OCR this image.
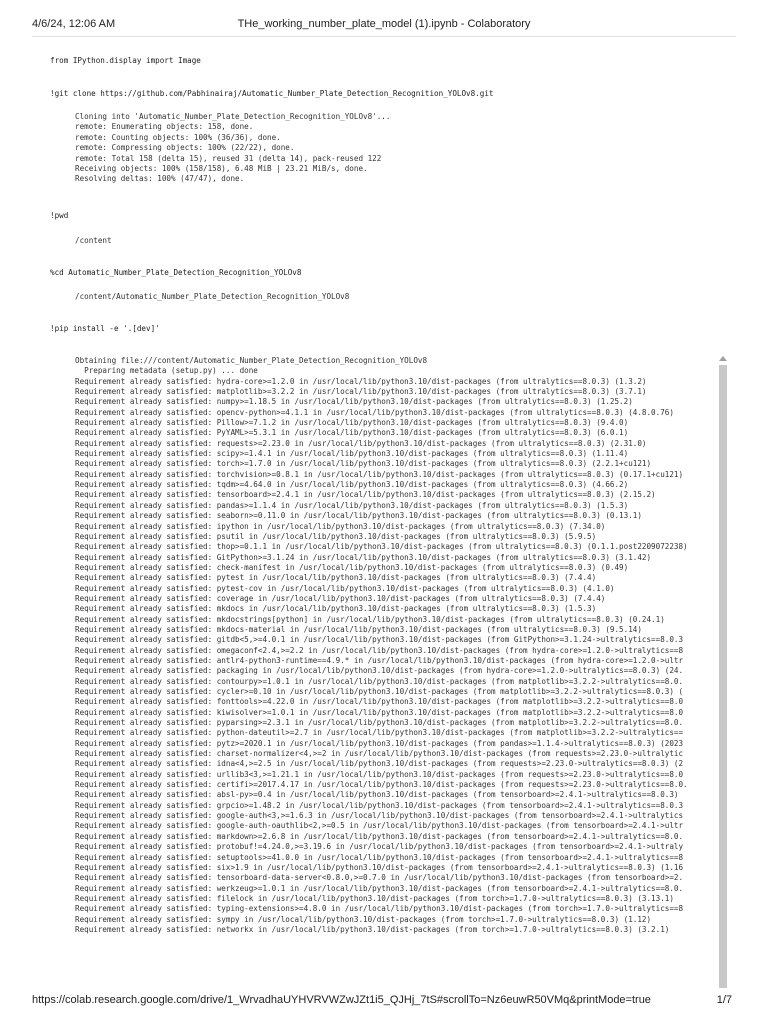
4/6/24, 12:06 AM	THe_working_number_plate_model (1).ipynb - Colaboratory
from IPython.display import Image
!git clone https://github.com/Pabhinairaj/Automatic_Number_Plate_Detection_Recognition_YOLOv8.git
Cloning into 'Automatic_Number_Plate_Detection_Recognition_YOLOv8'...
remote: Enumerating objects: 158, done.
remote: Counting objects: 100% (36/36), done.
remote: Compressing objects: 100% (22/22), done.
remote: Total 158 (delta 15), reused 31 (delta 14), pack-reused 122
Receiving objects: 100% (158/158), 6.48 MiB | 23.21 MiB/s, done.
Resolving deltas: 100% (47/47), done.
!pwd
/content
%cd Automatic_Number_Plate_Detection_Recognition_YOLOv8
/content/Automatic_Number_Plate_Detection_Recognition_YOLOv8
!pip install -e '.[dev]'
Obtaining file:///content/Automatic_Number_Plate_Detection_Recognition_YOLOv8
Preparing metadata (setup.py) ... done
Requirement already satisfied: hydra-core>=1.2.0 in /usr/local/lib/python3.10/dist-packages (from ultralytics==8.0.3) (1.3.2)
Requirement already satisfied: matplotlib>=3.2.2 in /usr/local/lib/python3.10/dist-packages (from ultralytics==8.0.3) (3.7.1)
Requirement already satisfied: numpy>=1.18.5 in /usr/local/lib/python3.10/dist-packages (from ultralytics==8.0.3) (1.25.2)
Requirement already satisfied: opencv-python>=4.1.1 in /usr/local/lib/python3.10/dist-packages (from ultralytics==8.0.3) (4.8.0.76)
Requirement already satisfied: Pillow>=7.1.2 in /usr/local/lib/python3.10/dist-packages (from ultralytics==8.0.3) (9.4.0)
Requirement already satisfied: PyYAML>=5.3.1 in /usr/local/lib/python3.10/dist-packages (from ultralytics==8.0.3) (6.0.1)
Requirement already satisfied: requests>=2.23.0 in /usr/local/lib/python3.10/dist-packages (from ultralytics==8.0.3) (2.31.0)
Requirement already satisfied: scipy>=1.4.1 in /usr/local/lib/python3.10/dist-packages (from ultralytics==8.0.3) (1.11.4)
Requirement already satisfied: torch>=1.7.0 in /usr/local/lib/python3.10/dist-packages (from ultralytics==8.0.3) (2.2.1+cu121)
Requirement already satisfied: torchvision>=0.8.1 in /usr/local/lib/python3.10/dist-packages (from ultralytics==8.0.3) (0.17.1+cu121)
Requirement already satisfied: tqdm>=4.64.0 in /usr/local/lib/python3.10/dist-packages (from ultralytics==8.0.3) (4.66.2)
Requirement already satisfied: tensorboard>=2.4.1 in /usr/local/lib/python3.10/dist-packages (from ultralytics==8.0.3) (2.15.2)
Requirement already satisfied: pandas>=1.1.4 in /usr/local/lib/python3.10/dist-packages (from ultralytics==8.0.3) (1.5.3)
Requirement already satisfied: seaborn>=0.11.0 in /usr/local/lib/python3.10/dist-packages (from ultralytics==8.0.3) (0.13.1)
Requirement already satisfied: ipython in /usr/local/lib/python3.10/dist-packages (from ultralytics==8.0.3) (7.34.0)
Requirement already satisfied: psutil in /usr/local/lib/python3.10/dist-packages (from ultralytics==8.0.3) (5.9.5)
Requirement already satisfied: thop>=0.1.1 in /usr/local/lib/python3.10/dist-packages (from ultralytics==8.0.3) (0.1.1.post2209072238)
Requirement already satisfied: GitPython>=3.1.24 in /usr/local/lib/python3.10/dist-packages (from ultralytics==8.0.3) (3.1.42)
Requirement already satisfied: check-manifest in /usr/local/lib/python3.10/dist-packages (from ultralytics==8.0.3) (0.49)
Requirement already satisfied: pytest in /usr/local/lib/python3.10/dist-packages (from ultralytics==8.0.3) (7.4.4)
Requirement already satisfied: pytest-cov in /usr/local/lib/python3.10/dist-packages (from ultralytics==8.0.3) (4.1.0)
Requirement already satisfied: coverage in /usr/local/lib/python3.10/dist-packages (from ultralytics==8.0.3) (7.4.4)
Requirement already satisfied: mkdocs in /usr/local/lib/python3.10/dist-packages (from ultralytics==8.0.3) (1.5.3)
Requirement already satisfied: mkdocstrings[python] in /usr/local/lib/python3.10/dist-packages (from ultralytics==8.0.3) (0.24.1)
Requirement already satisfied: mkdocs-material in /usr/local/lib/python3.10/dist-packages (from ultralytics==8.0.3) (9.5.14)
Requirement already satisfied: gitdb<5,>=4.0.1 in /usr/local/lib/python3.10/dist-packages (from GitPython>=3.1.24->ultralytics==8.0.3
Requirement already satisfied: omegaconf<2.4,>=2.2 in /usr/local/lib/python3.10/dist-packages (from hydra-core>=1.2.0->ultralytics==8
Requirement already satisfied: antlr4-python3-runtime==4.9.* in /usr/local/lib/python3.10/dist-packages (from hydra-core>=1.2.0->ultr
Requirement already satisfied: packaging in /usr/local/lib/python3.10/dist-packages (from hydra-core>=1.2.0->ultralytics==8.0.3) (24.
Requirement already satisfied: contourpy>=1.0.1 in /usr/local/lib/python3.10/dist-packages (from matplotlib>=3.2.2->ultralytics==8.0.
Requirement already satisfied: cycler>=0.10 in /usr/local/lib/python3.10/dist-packages (from matplotlib>=3.2.2->ultralytics==8.0.3) (
Requirement already satisfied: fonttools>=4.22.0 in /usr/local/lib/python3.10/dist-packages (from matplotlib>=3.2.2->ultralytics==8.0
Requirement already satisfied: kiwisolver>=1.0.1 in /usr/local/lib/python3.10/dist-packages (from matplotlib>=3.2.2->ultralytics==8.0
Requirement already satisfied: pyparsing>=2.3.1 in /usr/local/lib/python3.10/dist-packages (from matplotlib>=3.2.2->ultralytics==8.0.
Requirement already satisfied: python-dateutil>=2.7 in /usr/local/lib/python3.10/dist-packages (from matplotlib>=3.2.2->ultralytics==
Requirement already satisfied: pytz>=2020.1 in /usr/local/lib/python3.10/dist-packages (from pandas>=1.1.4->ultralytics==8.0.3) (2023
Requirement already satisfied: charset-normalizer<4,>=2 in /usr/local/lib/python3.10/dist-packages (from requests>=2.23.0->ultralytic
Requirement already satisfied: idna<4,>=2.5 in /usr/local/lib/python3.10/dist-packages (from requests>=2.23.0->ultralytics==8.0.3) (2
Requirement already satisfied: urllib3<3,>=1.21.1 in /usr/local/lib/python3.10/dist-packages (from requests>=2.23.0->ultralytics==8.0
Requirement already satisfied: certifi>=2017.4.17 in /usr/local/lib/python3.10/dist-packages (from requests>=2.23.0->ultralytics==8.0.
Requirement already satisfied: absl-py>=0.4 in /usr/local/lib/python3.10/dist-packages (from tensorboard>=2.4.1->ultralytics==8.0.3)
Requirement already satisfied: grpcio>=1.48.2 in /usr/local/lib/python3.10/dist-packages (from tensorboard>=2.4.1->ultralytics==8.0.3
Requirement already satisfied: google-auth<3,>=1.6.3 in /usr/local/lib/python3.10/dist-packages (from tensorboard>=2.4.1->ultralytics
Requirement already satisfied: google-auth-oauthlib<2,>=0.5 in /usr/local/lib/python3.10/dist-packages (from tensorboard>=2.4.1->ultr
Requirement already satisfied: markdown>=2.6.8 in /usr/local/lib/python3.10/dist-packages (from tensorboard>=2.4.1->ultralytics==8.0.
Requirement already satisfied: protobuf!=4.24.0,>=3.19.6 in /usr/local/lib/python3.10/dist-packages (from tensorboard>=2.4.1->ultraly
Requirement already satisfied: setuptools>=41.0.0 in /usr/local/lib/python3.10/dist-packages (from tensorboard>=2.4.1->ultralytics==8
Requirement already satisfied: six>1.9 in /usr/local/lib/python3.10/dist-packages (from tensorboard>=2.4.1->ultralytics==8.0.3) (1.16
Requirement already satisfied: tensorboard-data-server<0.8.0,>=0.7.0 in /usr/local/lib/python3.10/dist-packages (from tensorboard>=2.
Requirement already satisfied: werkzeug>=1.0.1 in /usr/local/lib/python3.10/dist-packages (from tensorboard>=2.4.1->ultralytics==8.0.
Requirement already satisfied: filelock in /usr/local/lib/python3.10/dist-packages (from torch>=1.7.0->ultralytics==8.0.3) (3.13.1)
Requirement already satisfied: typing-extensions>=4.8.0 in /usr/local/lib/python3.10/dist-packages (from torch>=1.7.0->ultralytics==8
Requirement already satisfied: sympy in /usr/local/lib/python3.10/dist-packages (from torch>=1.7.0->ultralytics==8.0.3) (1.12)
Requirement already satisfied: networkx in /usr/local/lib/python3.10/dist-packages (from torch>=1.7.0->ultralytics==8.0.3) (3.2.1)
https://colab.research.google.com/drive/1_WrvadhaUYHVRVWZwJZt1i5_QJHj_7tS#scrollTo=Nz6euwR50VMq&printMode=true	1/7
